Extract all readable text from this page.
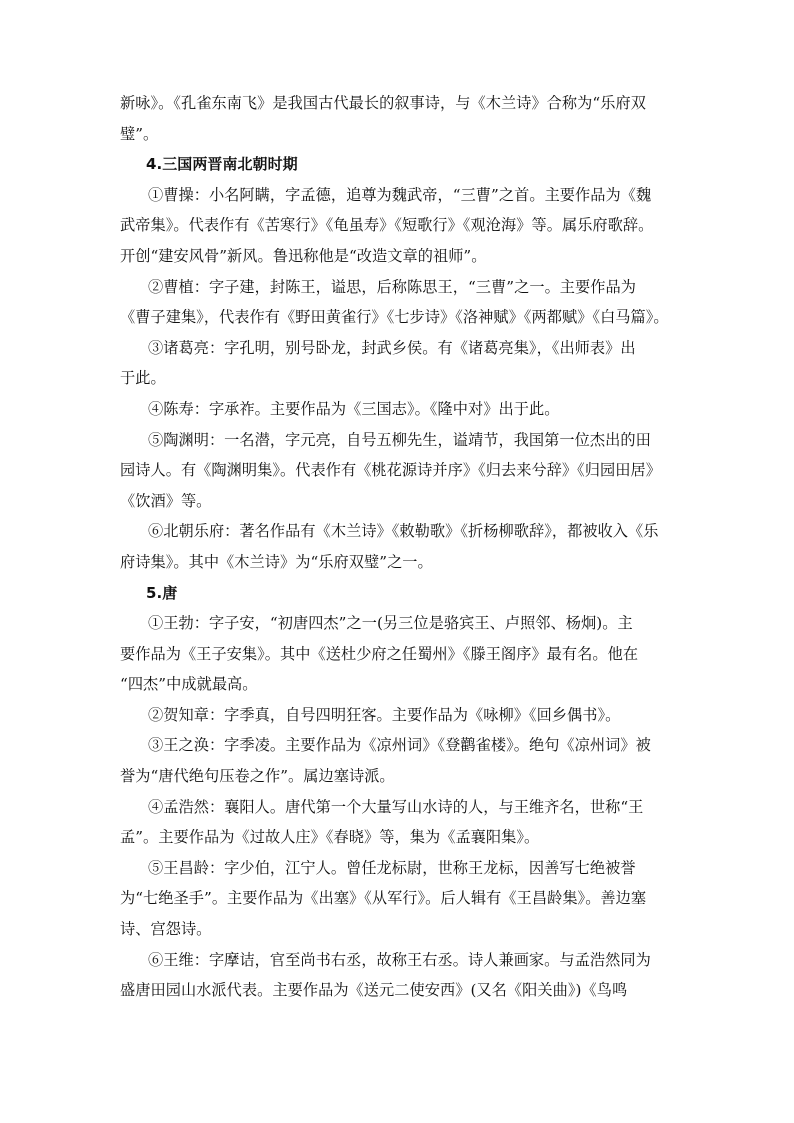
新咏》。《孔雀东南飞》是我国古代最长的叙事诗，与《木兰诗》合称为“乐府双
璧”。
4.三国两晋南北朝时期
①曹操：小名阿瞒，字孟德，追尊为魏武帝，“三曹”之首。主要作品为《魏
武帝集》。代表作有《苦寒行》《龟虽寿》《短歌行》《观沧海》等。属乐府歌辞。
开创“建安风骨”新风。鲁迅称他是“改造文章的祖师”。
②曹植：字子建，封陈王，谥思，后称陈思王，“三曹”之一。主要作品为
《曹子建集》，代表作有《野田黄雀行》《七步诗》《洛神赋》《两都赋》《白马篇》。
③诸葛亮：字孔明，别号卧龙，封武乡侯。有《诸葛亮集》，《出师表》出
于此。
④陈寿：字承祚。主要作品为《三国志》。《隆中对》出于此。
⑤陶渊明：一名潜，字元亮，自号五柳先生，谥靖节，我国第一位杰出的田
园诗人。有《陶渊明集》。代表作有《桃花源诗并序》《归去来兮辞》《归园田居》
《饮酒》等。
⑥北朝乐府：著名作品有《木兰诗》《敕勒歌》《折杨柳歌辞》，都被收入《乐
府诗集》。其中《木兰诗》为“乐府双璧”之一。
5.唐
①王勃：字子安，“初唐四杰”之一(另三位是骆宾王、卢照邻、杨炯)。主
要作品为《王子安集》。其中《送杜少府之任蜀州》《滕王阁序》最有名。他在
“四杰”中成就最高。
②贺知章：字季真，自号四明狂客。主要作品为《咏柳》《回乡偶书》。
③王之涣：字季凌。主要作品为《凉州词》《登鹳雀楼》。绝句《凉州词》被
誉为“唐代绝句压卷之作”。属边塞诗派。
④孟浩然：襄阳人。唐代第一个大量写山水诗的人，与王维齐名，世称“王
孟”。主要作品为《过故人庄》《春晓》等，集为《孟襄阳集》。
⑤王昌龄：字少伯，江宁人。曾任龙标尉，世称王龙标，因善写七绝被誉
为“七绝圣手”。主要作品为《出塞》《从军行》。后人辑有《王昌龄集》。善边塞
诗、宫怨诗。
⑥王维：字摩诘，官至尚书右丞，故称王右丞。诗人兼画家。与孟浩然同为
盛唐田园山水派代表。主要作品为《送元二使安西》(又名《阳关曲》)《鸟鸣
